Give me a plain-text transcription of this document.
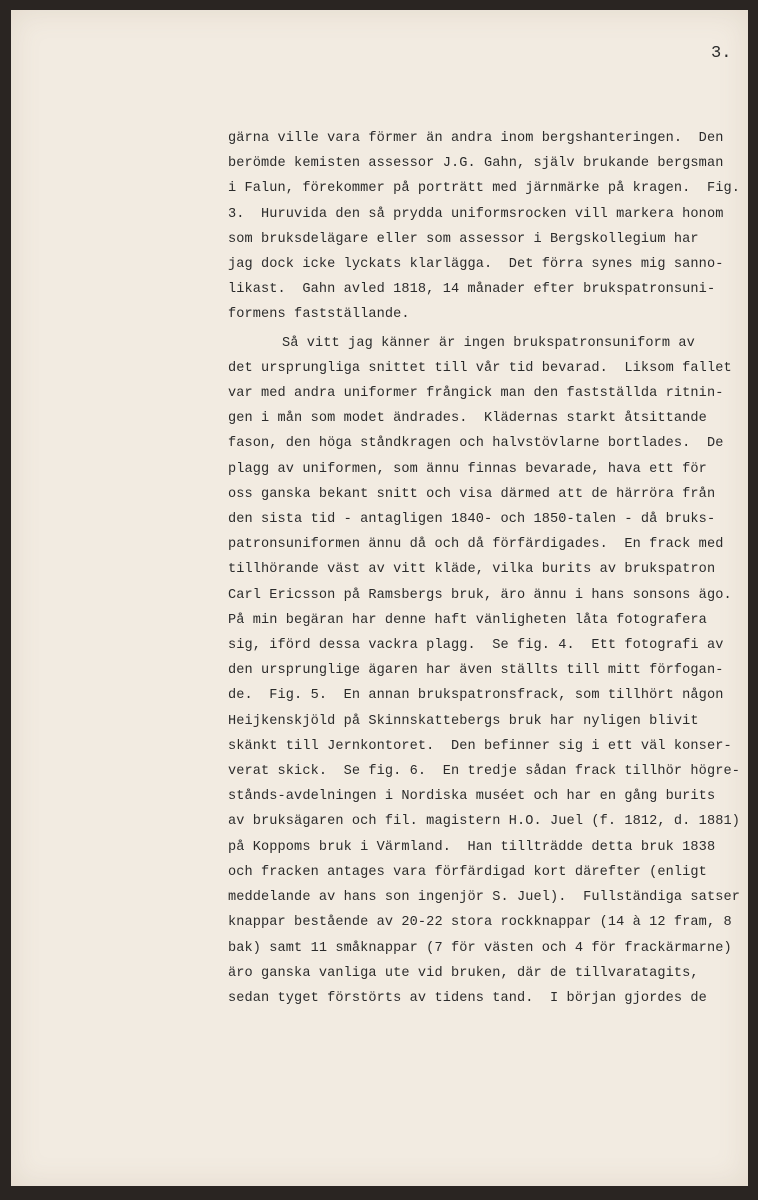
3.
gärna ville vara förmer än andra inom bergshanteringen.  Den
berömde kemisten assessor J.G. Gahn, själv brukande bergsman
i Falun, förekommer på porträtt med järnmärke på kragen.  Fig.
3.  Huruvida den så prydda uniformsrocken vill markera honom
som bruksdelägare eller som assessor i Bergskollegium har
jag dock icke lyckats klarlägga.  Det förra synes mig sanno-
likast.  Gahn avled 1818, 14 månader efter brukspatronsuni-
formens fastställande.
Så vitt jag känner är ingen brukspatronsuniform av
det ursprungliga snittet till vår tid bevarad.  Liksom fallet
var med andra uniformer frångick man den fastställda ritnin-
gen i mån som modet ändrades.  Klädernas starkt åtsittande
fason, den höga ståndkragen och halvstövlarne bortlades.  De
plagg av uniformen, som ännu finnas bevarade, hava ett för
oss ganska bekant snitt och visa därmed att de härröra från
den sista tid - antagligen 1840- och 1850-talen - då bruks-
patronsuniformen ännu då och då förfärdigades.  En frack med
tillhörande väst av vitt kläde, vilka burits av brukspatron
Carl Ericsson på Ramsbergs bruk, äro ännu i hans sonsons ägo.
På min begäran har denne haft vänligheten låta fotografera
sig, iförd dessa vackra plagg.  Se fig. 4.  Ett fotografi av
den ursprunglige ägaren har även ställts till mitt förfogan-
de.  Fig. 5.  En annan brukspatronsfrack, som tillhört någon
Heijkenskjöld på Skinnskattebergs bruk har nyligen blivit
skänkt till Jernkontoret.  Den befinner sig i ett väl konser-
verat skick.  Se fig. 6.  En tredje sådan frack tillhör högre-
stånds-avdelningen i Nordiska muséet och har en gång burits
av bruksägaren och fil. magistern H.O. Juel (f. 1812, d. 1881)
på Koppoms bruk i Värmland.  Han tillträdde detta bruk 1838
och fracken antages vara förfärdigad kort därefter (enligt
meddelande av hans son ingenjör S. Juel).  Fullständiga satser
knappar bestående av 20-22 stora rockknappar (14 à 12 fram, 8
bak) samt 11 småknappar (7 för västen och 4 för frackärmarne)
äro ganska vanliga ute vid bruken, där de tillvaratagits,
sedan tyget förstörts av tidens tand.  I början gjordes de
